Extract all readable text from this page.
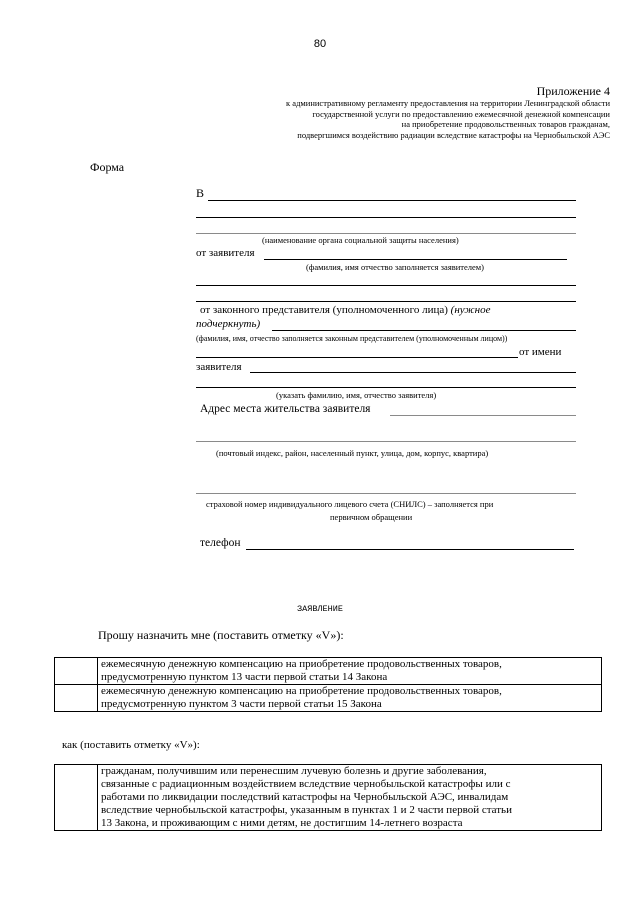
80
Приложение 4
к административному регламенту предоставления на территории Ленинградской области
государственной услуги по предоставлению ежемесячной денежной компенсации
на приобретение продовольственных товаров гражданам,
подвергшимся воздействию радиации вследствие катастрофы на Чернобыльской АЭС
Форма
В
(наименование органа социальной защиты населения)
от заявителя
(фамилия, имя отчество заполняется заявителем)
от законного представителя (уполномоченного лица) (нужное
подчеркнуть)
(фамилия, имя, отчество заполняется законным представителем (уполномоченным лицом))
от имени
заявителя
(указать фамилию, имя, отчество заявителя)
Адрес места жительства заявителя
(почтовый индекс, район, населенный пункт, улица, дом, корпус, квартира)
страховой номер индивидуального лицевого счета (СНИЛС) – заполняется при
первичном обращении
телефон
ЗАЯВЛЕНИЕ
Прошу назначить мне (поставить отметку «V»):

	ежемесячную денежную компенсацию на приобретение продовольственных товаров,
предусмотренную пунктом 13 части первой статьи 14 Закона

	ежемесячную денежную компенсацию на приобретение продовольственных товаров,
предусмотренную пунктом 3 части первой статьи 15 Закона
как (поставить отметку «V»):

гражданам, получившим или перенесшим лучевую болезнь и другие заболевания,
связанные с радиационным воздействием вследствие чернобыльской катастрофы или с
работами по ликвидации последствий катастрофы на Чернобыльской АЭС, инвалидам
вследствие чернобыльской катастрофы, указанным в пунктах 1 и 2 части первой статьи
13 Закона, и проживающим с ними детям, не достигшим 14-летнего возраста
